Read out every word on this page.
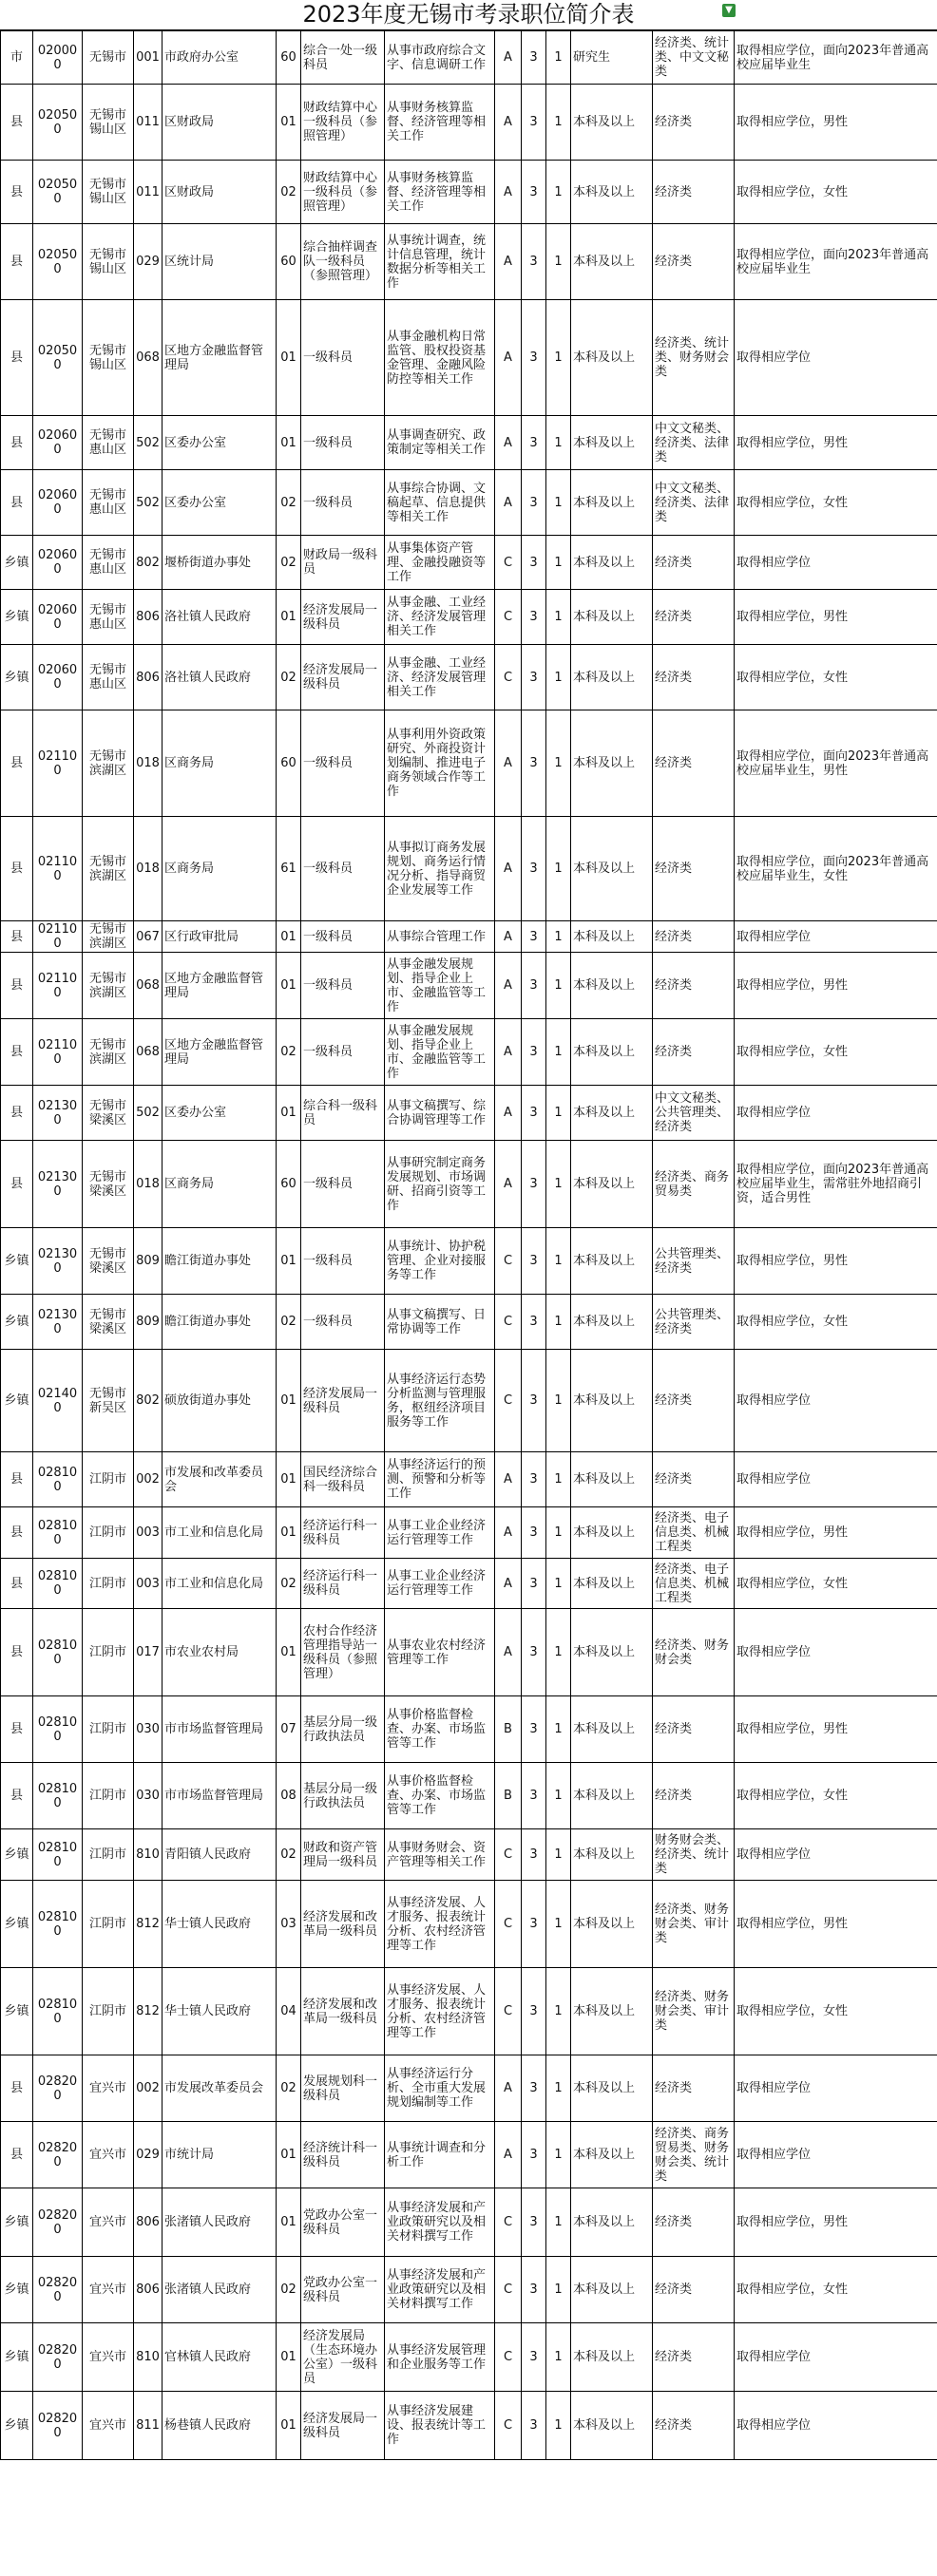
2023年度无锡市考录职位简介表	▼
市	020000	无锡市	001	市政府办公室	60	综合一处一级科员	从事市政府综合文字、信息调研工作	A	3	1	研究生	经济类、统计类、中文文秘类	取得相应学位，面向2023年普通高校应届毕业生
县	020500	无锡市锡山区	011	区财政局	01	财政结算中心一级科员（参照管理）	从事财务核算监督、经济管理等相关工作	A	3	1	本科及以上	经济类	取得相应学位，男性
县	020500	无锡市锡山区	011	区财政局	02	财政结算中心一级科员（参照管理）	从事财务核算监督、经济管理等相关工作	A	3	1	本科及以上	经济类	取得相应学位，女性
县	020500	无锡市锡山区	029	区统计局	60	综合抽样调查队一级科员（参照管理）	从事统计调查，统计信息管理，统计数据分析等相关工作	A	3	1	本科及以上	经济类	取得相应学位，面向2023年普通高校应届毕业生
县	020500	无锡市锡山区	068	区地方金融监督管理局	01	一级科员	从事金融机构日常监管、股权投资基金管理、金融风险防控等相关工作	A	3	1	本科及以上	经济类、统计类、财务财会类	取得相应学位
县	020600	无锡市惠山区	502	区委办公室	01	一级科员	从事调查研究、政策制定等相关工作	A	3	1	本科及以上	中文文秘类、经济类、法律类	取得相应学位，男性
县	020600	无锡市惠山区	502	区委办公室	02	一级科员	从事综合协调、文稿起草、信息提供等相关工作	A	3	1	本科及以上	中文文秘类、经济类、法律类	取得相应学位，女性
乡镇	020600	无锡市惠山区	802	堰桥街道办事处	02	财政局一级科员	从事集体资产管理、金融投融资等工作	C	3	1	本科及以上	经济类	取得相应学位
乡镇	020600	无锡市惠山区	806	洛社镇人民政府	01	经济发展局一级科员	从事金融、工业经济、经济发展管理相关工作	C	3	1	本科及以上	经济类	取得相应学位，男性
乡镇	020600	无锡市惠山区	806	洛社镇人民政府	02	经济发展局一级科员	从事金融、工业经济、经济发展管理相关工作	C	3	1	本科及以上	经济类	取得相应学位，女性
县	021100	无锡市滨湖区	018	区商务局	60	一级科员	从事利用外资政策研究、外商投资计划编制、推进电子商务领域合作等工作	A	3	1	本科及以上	经济类	取得相应学位，面向2023年普通高校应届毕业生，男性
县	021100	无锡市滨湖区	018	区商务局	61	一级科员	从事拟订商务发展规划、商务运行情况分析、指导商贸企业发展等工作	A	3	1	本科及以上	经济类	取得相应学位，面向2023年普通高校应届毕业生，女性
县	021100	无锡市滨湖区	067	区行政审批局	01	一级科员	从事综合管理工作	A	3	1	本科及以上	经济类	取得相应学位
县	021100	无锡市滨湖区	068	区地方金融监督管理局	01	一级科员	从事金融发展规划、指导企业上市、金融监管等工作	A	3	1	本科及以上	经济类	取得相应学位，男性
县	021100	无锡市滨湖区	068	区地方金融监督管理局	02	一级科员	从事金融发展规划、指导企业上市、金融监管等工作	A	3	1	本科及以上	经济类	取得相应学位，女性
县	021300	无锡市梁溪区	502	区委办公室	01	综合科一级科员	从事文稿撰写、综合协调管理等工作	A	3	1	本科及以上	中文文秘类、公共管理类、经济类	取得相应学位
县	021300	无锡市梁溪区	018	区商务局	60	一级科员	从事研究制定商务发展规划、市场调研、招商引资等工作	A	3	1	本科及以上	经济类、商务贸易类	取得相应学位，面向2023年普通高校应届毕业生，需常驻外地招商引资，适合男性
乡镇	021300	无锡市梁溪区	809	瞻江街道办事处	01	一级科员	从事统计、协护税管理、企业对接服务等工作	C	3	1	本科及以上	公共管理类、经济类	取得相应学位，男性
乡镇	021300	无锡市梁溪区	809	瞻江街道办事处	02	一级科员	从事文稿撰写、日常协调等工作	C	3	1	本科及以上	公共管理类、经济类	取得相应学位，女性
乡镇	021400	无锡市新吴区	802	硕放街道办事处	01	经济发展局一级科员	从事经济运行态势分析监测与管理服务，枢纽经济项目服务等工作	C	3	1	本科及以上	经济类	取得相应学位
县	028100	江阴市	002	市发展和改革委员会	01	国民经济综合科一级科员	从事经济运行的预测、预警和分析等工作	A	3	1	本科及以上	经济类	取得相应学位
县	028100	江阴市	003	市工业和信息化局	01	经济运行科一级科员	从事工业企业经济运行管理等工作	A	3	1	本科及以上	经济类、电子信息类、机械工程类	取得相应学位，男性
县	028100	江阴市	003	市工业和信息化局	02	经济运行科一级科员	从事工业企业经济运行管理等工作	A	3	1	本科及以上	经济类、电子信息类、机械工程类	取得相应学位，女性
县	028100	江阴市	017	市农业农村局	01	农村合作经济管理指导站一级科员（参照管理）	从事农业农村经济管理等工作	A	3	1	本科及以上	经济类、财务财会类	取得相应学位
县	028100	江阴市	030	市市场监督管理局	07	基层分局一级行政执法员	从事价格监督检查、办案、市场监管等工作	B	3	1	本科及以上	经济类	取得相应学位，男性
县	028100	江阴市	030	市市场监督管理局	08	基层分局一级行政执法员	从事价格监督检查、办案、市场监管等工作	B	3	1	本科及以上	经济类	取得相应学位，女性
乡镇	028100	江阴市	810	青阳镇人民政府	02	财政和资产管理局一级科员	从事财务财会、资产管理等相关工作	C	3	1	本科及以上	财务财会类、经济类、统计类	取得相应学位
乡镇	028100	江阴市	812	华士镇人民政府	03	经济发展和改革局一级科员	从事经济发展、人才服务、报表统计分析、农村经济管理等工作	C	3	1	本科及以上	经济类、财务财会类、审计类	取得相应学位，男性
乡镇	028100	江阴市	812	华士镇人民政府	04	经济发展和改革局一级科员	从事经济发展、人才服务、报表统计分析、农村经济管理等工作	C	3	1	本科及以上	经济类、财务财会类、审计类	取得相应学位，女性
县	028200	宜兴市	002	市发展改革委员会	02	发展规划科一级科员	从事经济运行分析、全市重大发展规划编制等工作	A	3	1	本科及以上	经济类	取得相应学位
县	028200	宜兴市	029	市统计局	01	经济统计科一级科员	从事统计调查和分析工作	A	3	1	本科及以上	经济类、商务贸易类、财务财会类、统计类	取得相应学位
乡镇	028200	宜兴市	806	张渚镇人民政府	01	党政办公室一级科员	从事经济发展和产业政策研究以及相关材料撰写工作	C	3	1	本科及以上	经济类	取得相应学位，男性
乡镇	028200	宜兴市	806	张渚镇人民政府	02	党政办公室一级科员	从事经济发展和产业政策研究以及相关材料撰写工作	C	3	1	本科及以上	经济类	取得相应学位，女性
乡镇	028200	宜兴市	810	官林镇人民政府	01	经济发展局（生态环境办公室）一级科员	从事经济发展管理和企业服务等工作	C	3	1	本科及以上	经济类	取得相应学位
乡镇	028200	宜兴市	811	杨巷镇人民政府	01	经济发展局一级科员	从事经济发展建设、报表统计等工作	C	3	1	本科及以上	经济类	取得相应学位
